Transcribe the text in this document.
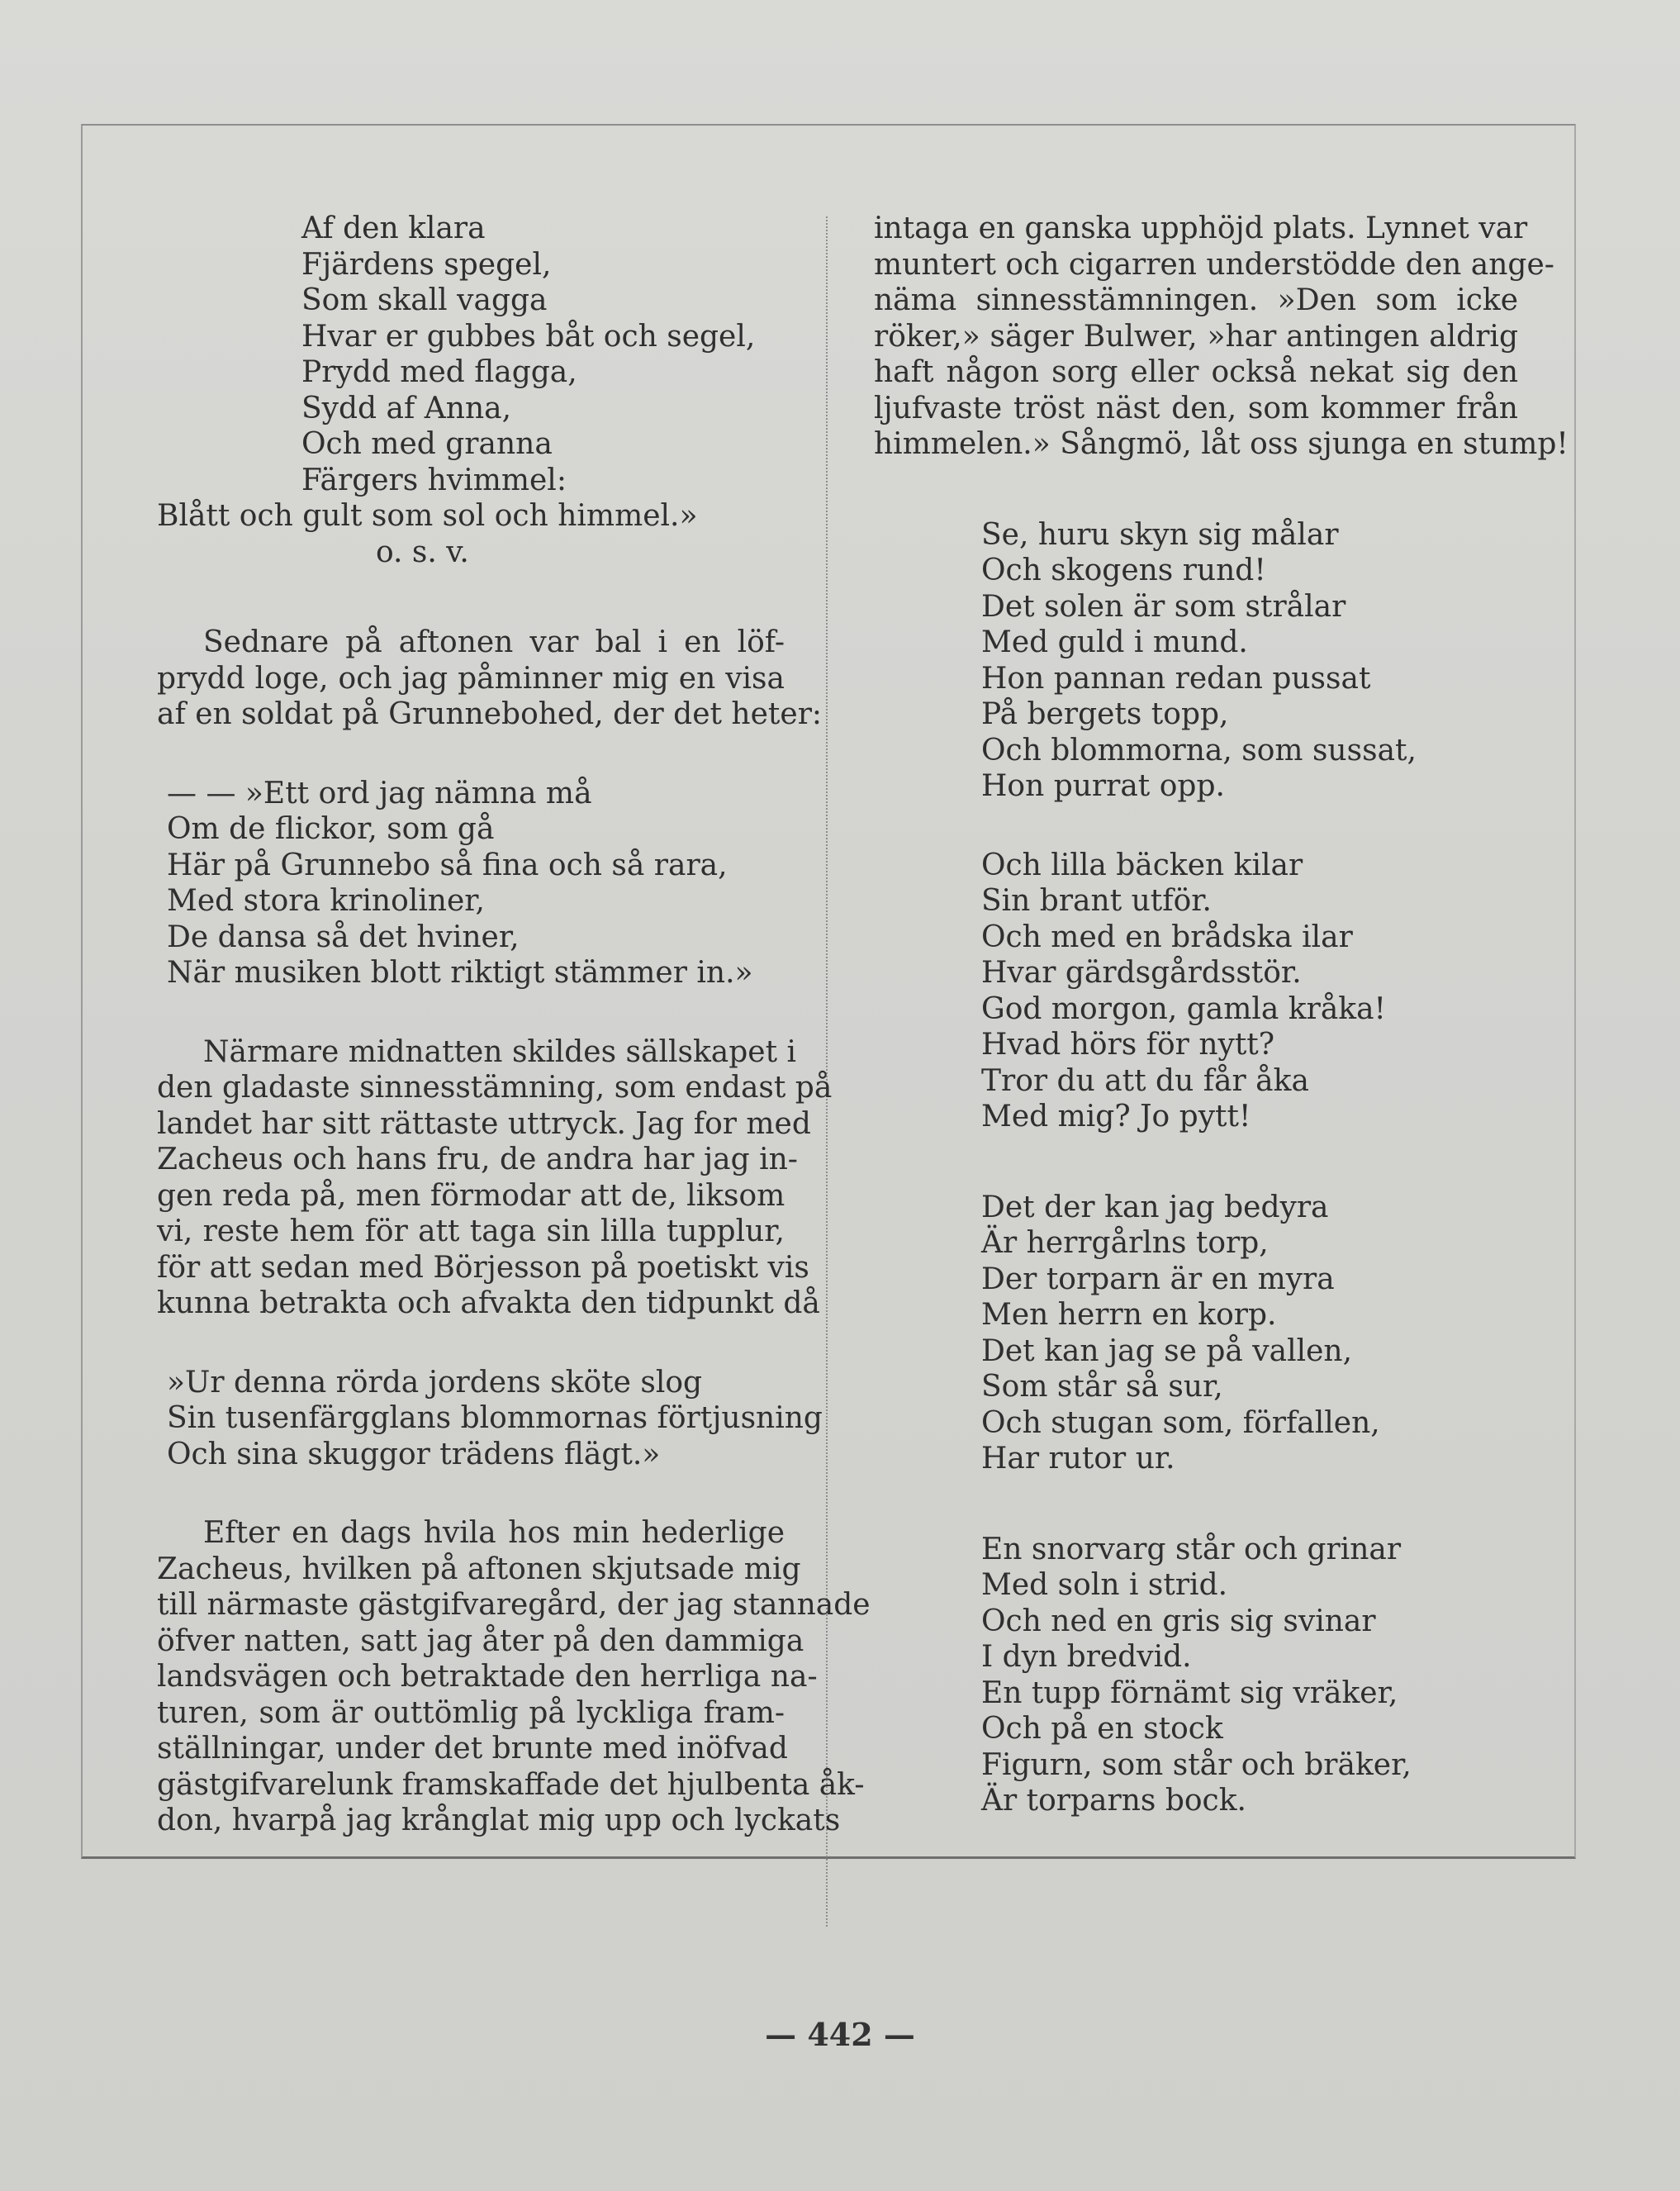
Af den klara
Fjärdens spegel,
Som skall vagga
Hvar er gubbes båt och segel,
Prydd med flagga,
Sydd af Anna,
Och med granna
Färgers hvimmel:
Blått och gult som sol och himmel.»
o. s. v.
Sednare på aftonen var bal i en löf-
prydd loge, och jag påminner mig en visa
af en soldat på Grunnebohed, der det heter:
— — »Ett ord jag nämna må
Om de flickor, som gå
Här på Grunnebo så fina och så rara,
Med stora krinoliner,
De dansa så det hviner,
När musiken blott riktigt stämmer in.»
Närmare midnatten skildes sällskapet i
den gladaste sinnesstämning, som endast på
landet har sitt rättaste uttryck. Jag for med
Zacheus och hans fru, de andra har jag in-
gen reda på, men förmodar att de, liksom
vi, reste hem för att taga sin lilla tupplur,
för att sedan med Börjesson på poetiskt vis
kunna betrakta och afvakta den tidpunkt då
»Ur denna rörda jordens sköte slog
Sin tusenfärgglans blommornas förtjusning
Och sina skuggor trädens flägt.»
Efter en dags hvila hos min hederlige
Zacheus, hvilken på aftonen skjutsade mig
till närmaste gästgifvaregård, der jag stannade
öfver natten, satt jag åter på den dammiga
landsvägen och betraktade den herrliga na-
turen, som är outtömlig på lyckliga fram-
ställningar, under det brunte med inöfvad
gästgifvarelunk framskaffade det hjulbenta åk-
don, hvarpå jag krånglat mig upp och lyckats
intaga en ganska upphöjd plats. Lynnet var
muntert och cigarren understödde den ange-
näma sinnesstämningen. »Den som icke
röker,» säger Bulwer, »har antingen aldrig
haft någon sorg eller också nekat sig den
ljufvaste tröst näst den, som kommer från
himmelen.» Sångmö, låt oss sjunga en stump!
Se, huru skyn sig målar
Och skogens rund!
Det solen är som strålar
Med guld i mund.
Hon pannan redan pussat
På bergets topp,
Och blommorna, som sussat,
Hon purrat opp.
Och lilla bäcken kilar
Sin brant utför.
Och med en brådska ilar
Hvar gärdsgårdsstör.
God morgon, gamla kråka!
Hvad hörs för nytt?
Tror du att du får åka
Med mig? Jo pytt!
Det der kan jag bedyra
Är herrgårlns torp,
Der torparn är en myra
Men herrn en korp.
Det kan jag se på vallen,
Som står så sur,
Och stugan som, förfallen,
Har rutor ur.
En snorvarg står och grinar
Med soln i strid.
Och ned en gris sig svinar
I dyn bredvid.
En tupp förnämt sig vräker,
Och på en stock
Figurn, som står och bräker,
Är torparns bock.
— 442 —
